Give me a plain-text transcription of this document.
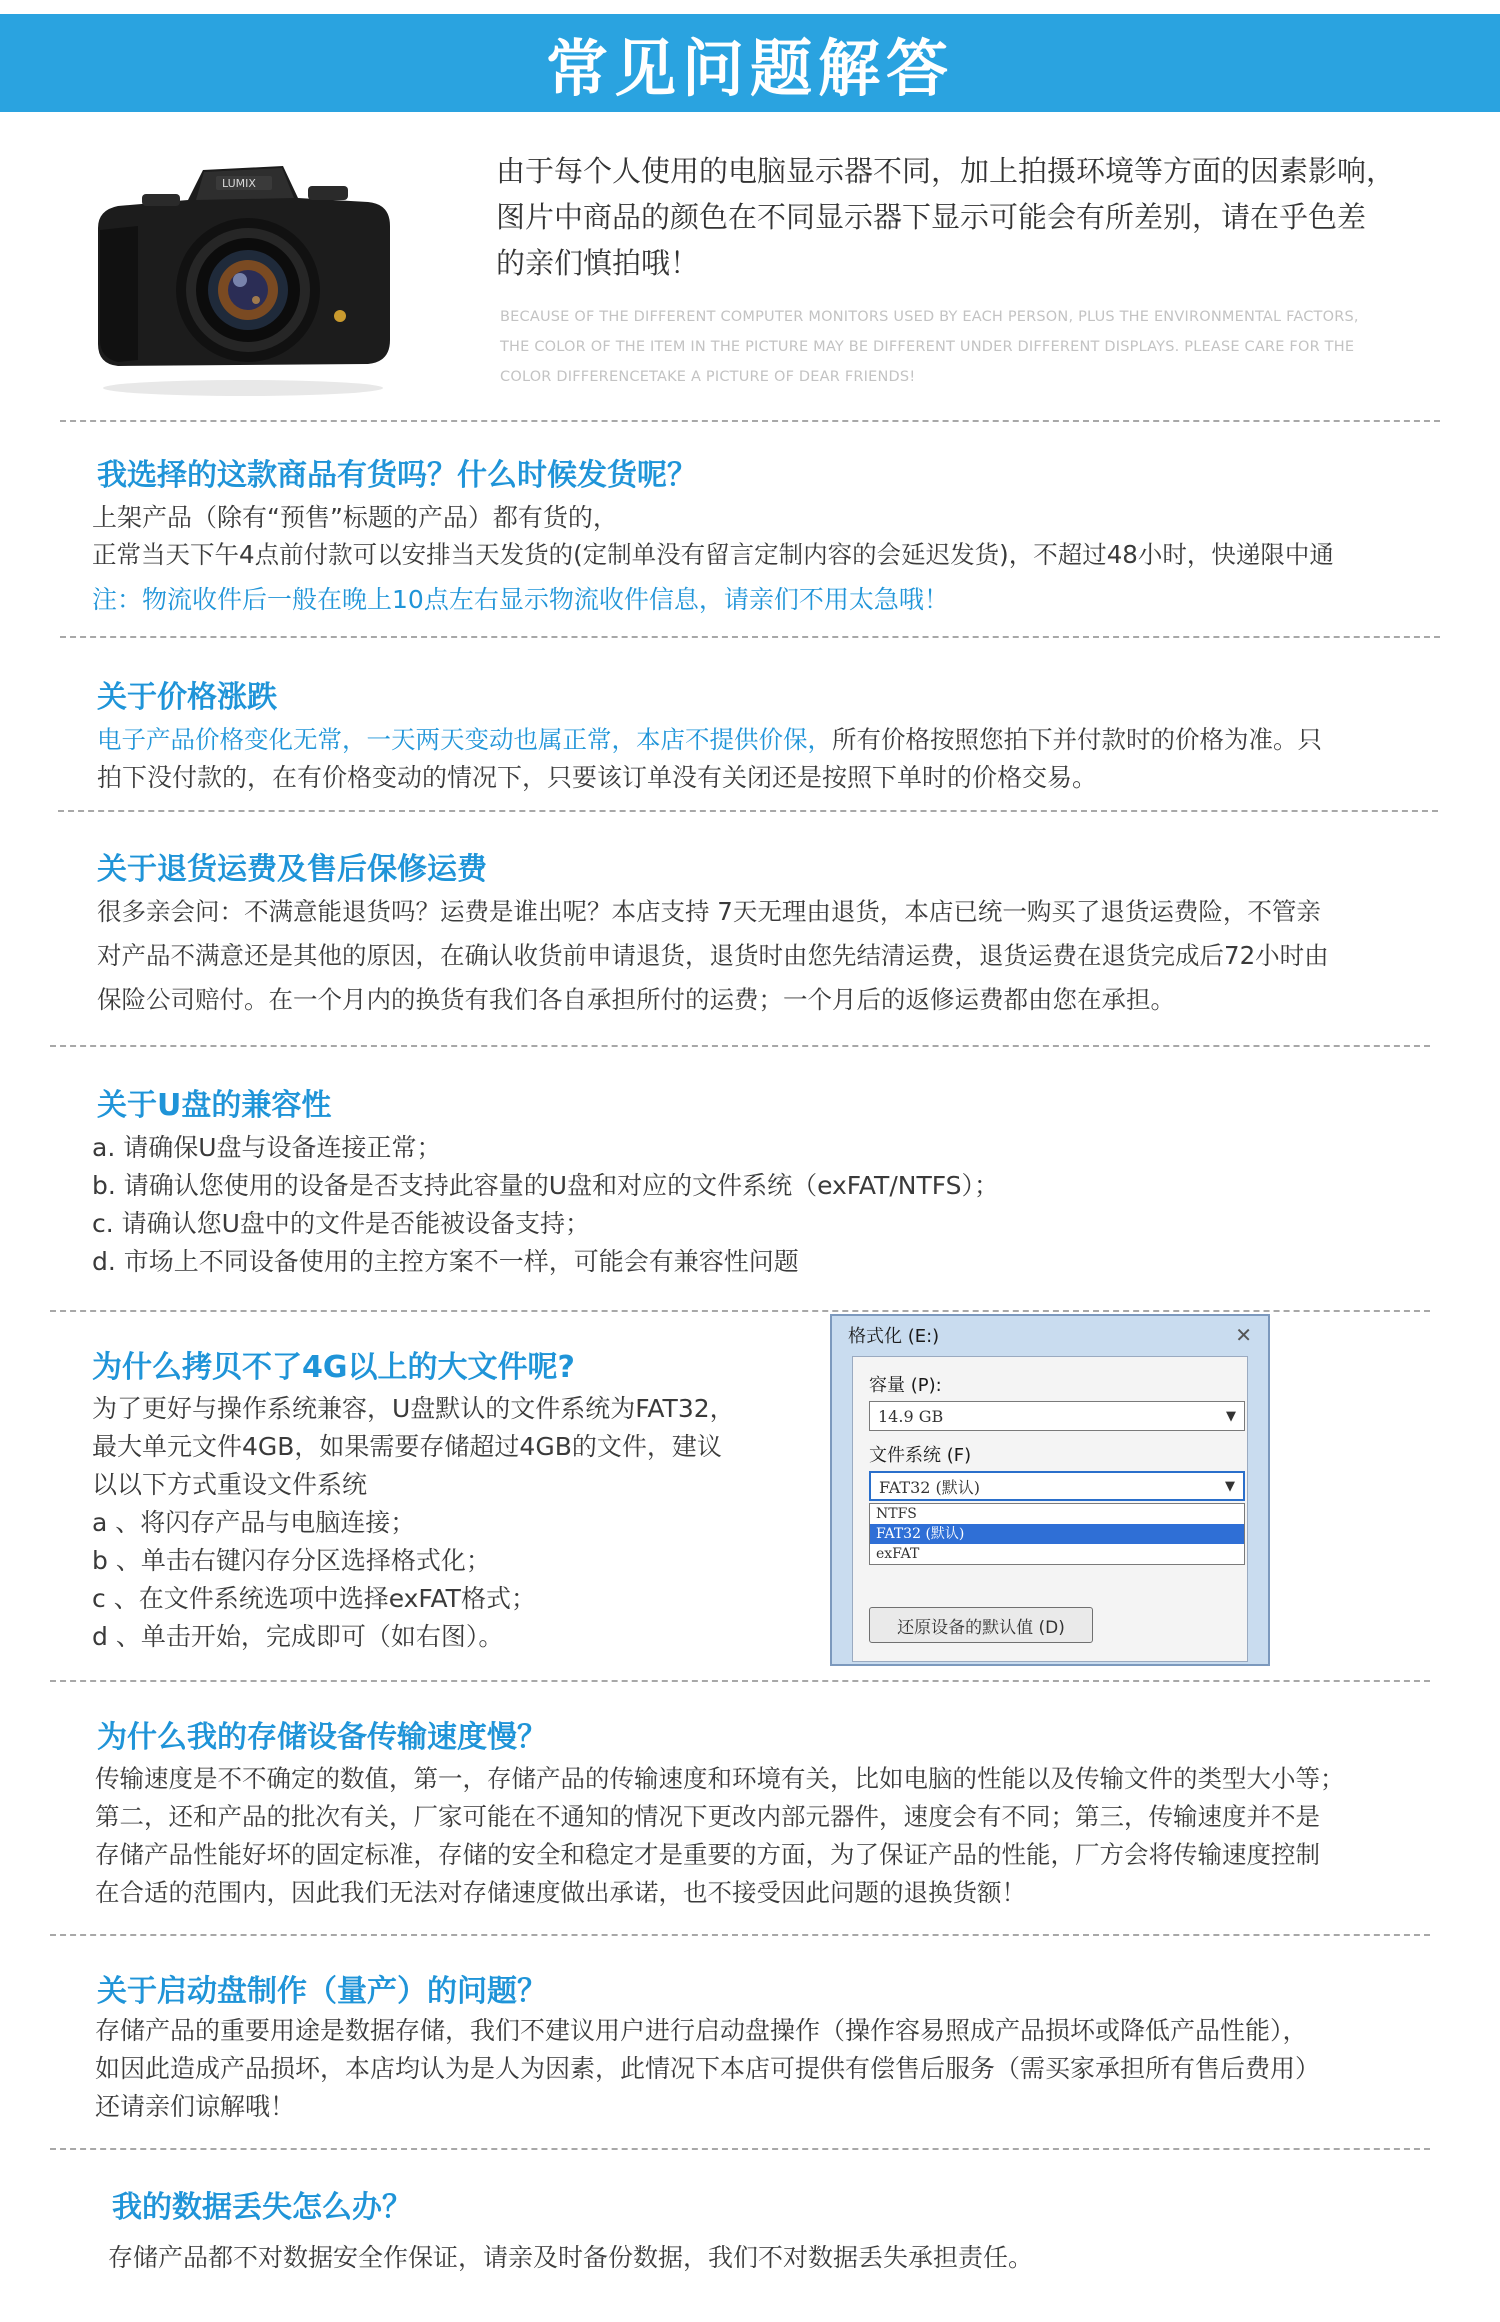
常见问题解答
LUMIX	由于每个人使用的电脑显示器不同，加上拍摄环境等方面的因素影响，
图片中商品的颜色在不同显示器下显示可能会有所差别，请在乎色差
的亲们慎拍哦！
BECAUSE OF THE DIFFERENT COMPUTER MONITORS USED BY EACH PERSON, PLUS THE ENVIRONMENTAL FACTORS,
THE COLOR OF THE ITEM IN THE PICTURE MAY BE DIFFERENT UNDER DIFFERENT DISPLAYS. PLEASE CARE FOR THE
COLOR DIFFERENCETAKE A PICTURE OF DEAR FRIENDS!
我选择的这款商品有货吗？什么时候发货呢？
上架产品（除有“预售”标题的产品）都有货的，
正常当天下午4点前付款可以安排当天发货的(定制单没有留言定制内容的会延迟发货)，不超过48小时，快递限中通
注：物流收件后一般在晚上10点左右显示物流收件信息，请亲们不用太急哦！
关于价格涨跌
电子产品价格变化无常，一天两天变动也属正常，本店不提供价保，所有价格按照您拍下并付款时的价格为准。只
拍下没付款的，在有价格变动的情况下，只要该订单没有关闭还是按照下单时的价格交易。
关于退货运费及售后保修运费
很多亲会问：不满意能退货吗？运费是谁出呢？本店支持 7天无理由退货，本店已统一购买了退货运费险，不管亲
对产品不满意还是其他的原因，在确认收货前申请退货，退货时由您先结清运费，退货运费在退货完成后72小时由
保险公司赔付。在一个月内的换货有我们各自承担所付的运费；一个月后的返修运费都由您在承担。
关于U盘的兼容性
a. 请确保U盘与设备连接正常；
b. 请确认您使用的设备是否支持此容量的U盘和对应的文件系统（exFAT/NTFS）；
c. 请确认您U盘中的文件是否能被设备支持；
d. 市场上不同设备使用的主控方案不一样，可能会有兼容性问题
为什么拷贝不了4G以上的大文件呢?
为了更好与操作系统兼容，U盘默认的文件系统为FAT32，
最大单元文件4GB，如果需要存储超过4GB的文件，建议
以以下方式重设文件系统
a 、将闪存产品与电脑连接；
b 、单击右键闪存分区选择格式化；
c 、在文件系统选项中选择exFAT格式；
d 、单击开始，完成即可（如右图）。
格式化 (E:)	✕
容量 (P):
14.9 GB	▼
文件系统 (F)
FAT32 (默认)	▼
NTFS
FAT32 (默认)
exFAT
还原设备的默认值 (D)
为什么我的存储设备传输速度慢？
传输速度是不不确定的数值，第一，存储产品的传输速度和环境有关，比如电脑的性能以及传输文件的类型大小等；
第二，还和产品的批次有关，厂家可能在不通知的情况下更改内部元器件，速度会有不同；第三，传输速度并不是
存储产品性能好坏的固定标准，存储的安全和稳定才是重要的方面，为了保证产品的性能，厂方会将传输速度控制
在合适的范围内，因此我们无法对存储速度做出承诺，也不接受因此问题的退换货额！
关于启动盘制作（量产）的问题？
存储产品的重要用途是数据存储，我们不建议用户进行启动盘操作（操作容易照成产品损坏或降低产品性能），
如因此造成产品损坏，本店均认为是人为因素，此情况下本店可提供有偿售后服务（需买家承担所有售后费用）
还请亲们谅解哦！
我的数据丢失怎么办？
存储产品都不对数据安全作保证，请亲及时备份数据，我们不对数据丢失承担责任。
